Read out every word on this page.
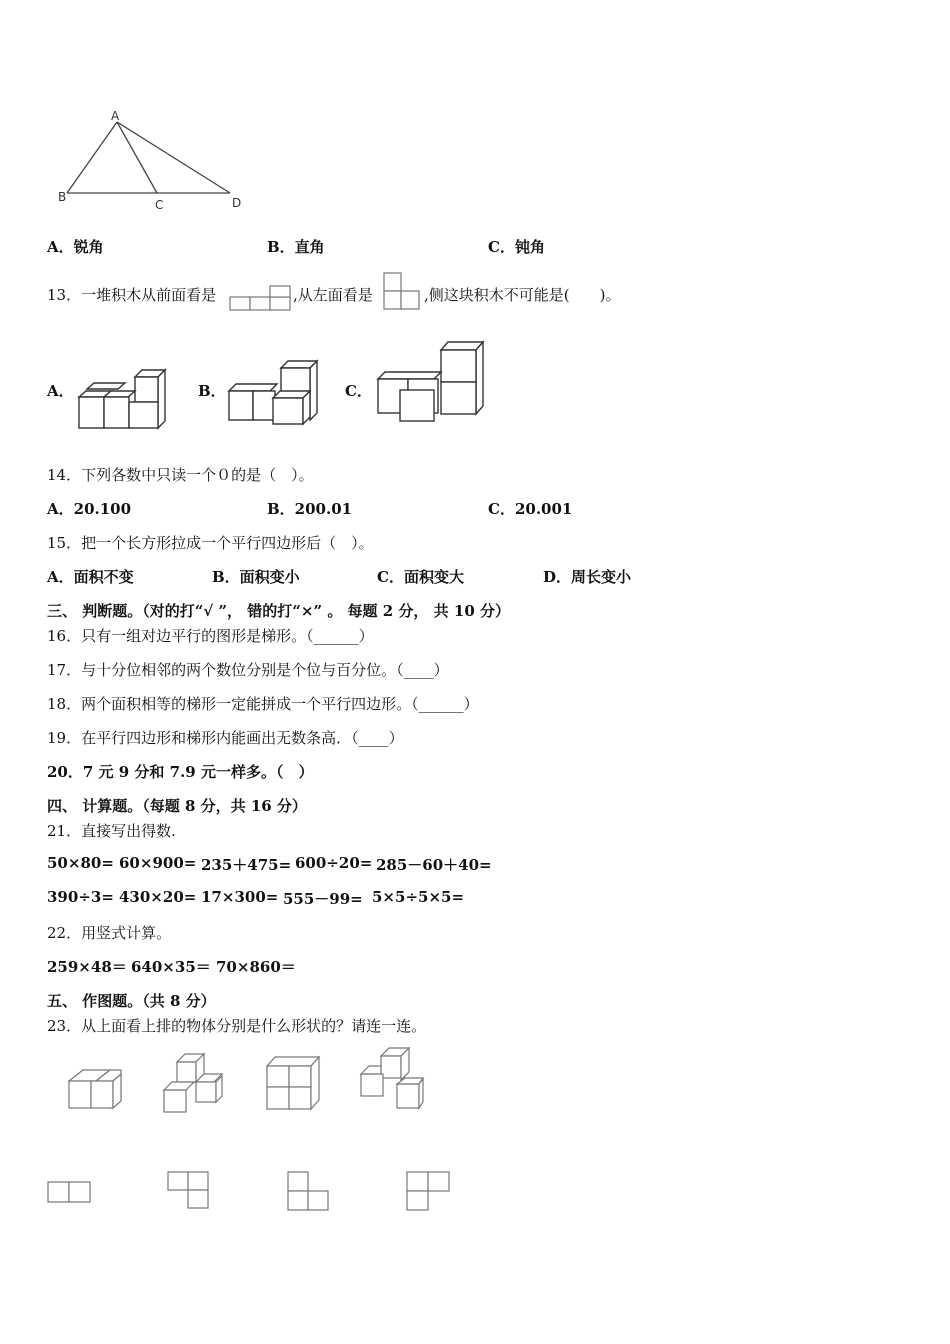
A
B
C	D
A．锐角	B．直角	C．钝角
13．一堆积木从前面看是	,从左面看是	,侧这块积木不可能是(　　)。
A．	B．	C．
14．下列各数中只读一个０的是（　）。
A．20.100	B．200.01	C．20.001
15．把一个长方形拉成一个平行四边形后（　）。
A．面积不变	B．面积变小	C．面积变大	D．周长变小
三、 判断题。（对的打“√ ”， 错的打“×” 。 每题 2 分， 共 10 分）
16．只有一组对边平行的图形是梯形。（______）
17．与十分位相邻的两个数位分别是个位与百分位。（____）
18．两个面积相等的梯形一定能拼成一个平行四边形。（______）
19．在平行四边形和梯形内能画出无数条高．（____）
20．7 元 9 分和 7.9 元一样多。（　）
四、 计算题。（每题 8 分，共 16 分）
21．直接写出得数.
50×80= 60×900= 235＋475= 600÷20= 285－60＋40=
390÷3= 430×20= 17×300= 555－99= 5×5÷5×5=
22．用竖式计算。
259×48＝ 640×35＝ 70×860＝
五、 作图题。（共 8 分）
23．从上面看上排的物体分别是什么形状的？请连一连。
